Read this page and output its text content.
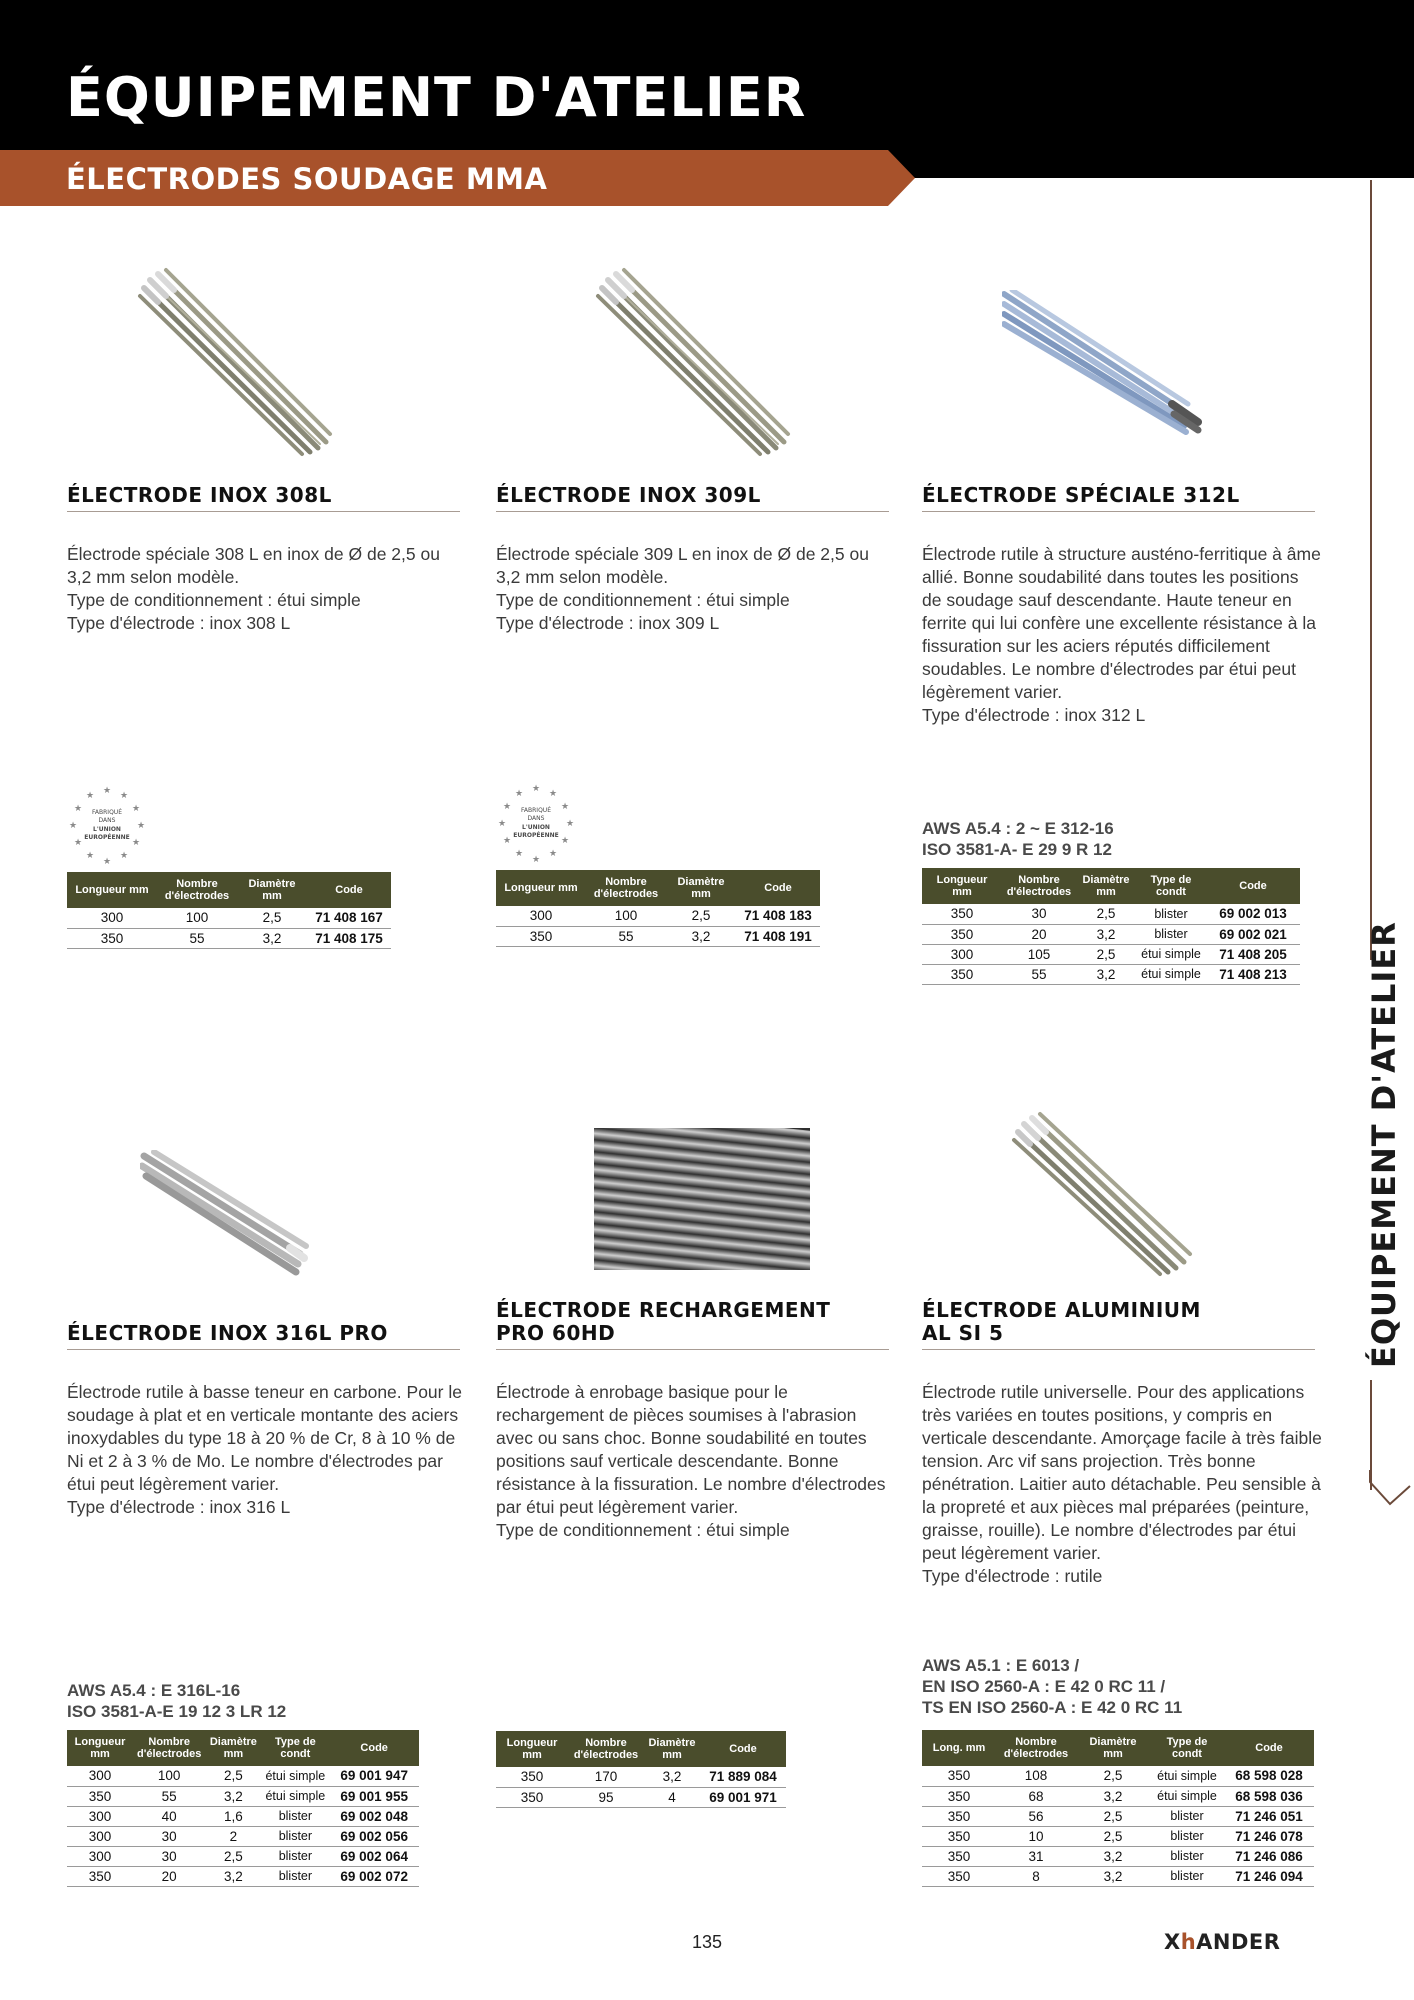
ÉQUIPEMENT D'ATELIER
ÉLECTRODES SOUDAGE MMA
ÉQUIPEMENT D'ATELIER
ÉLECTRODE INOX 308L

Électrode spéciale 308 L en inox de Ø de 2,5 ou 3,2 mm selon modèle.

Type de conditionnement : étui simple

Type d'électrode : inox 308 L

★ ★
★
★
★
★
★
★
★
★
★
★
FABRIQUÉ
DANS
L'UNION
EUROPÉENNE
Longueur mm	Nombre d'électrodes	Diamètre mm	Code
300	100	2,5	71 408 167
350	55	3,2	71 408 175
ÉLECTRODE INOX 309L

Électrode spéciale 309 L en inox de Ø de 2,5 ou 3,2 mm selon modèle.

Type de conditionnement : étui simple

Type d'électrode : inox 309 L

★ ★
★
★
★
★
★
★
★
★
★
★
FABRIQUÉ
DANS
L'UNION
EUROPÉENNE
Longueur mm	Nombre d'électrodes	Diamètre mm	Code
300	100	2,5	71 408 183
350	55	3,2	71 408 191
ÉLECTRODE SPÉCIALE 312L

Électrode rutile à structure austéno-ferritique à âme allié. Bonne soudabilité dans toutes les positions de soudage sauf descendante. Haute teneur en ferrite qui lui confère une excellente résistance à la fissuration sur les aciers réputés difficilement soudables. Le nombre d'électrodes par étui peut légèrement varier.

Type d'électrode : inox 312 L

AWS A5.4 : 2 ~ E 312-16
ISO 3581-A- E 29 9 R 12
Longueur mm	Nombre d'électrodes	Diamètre mm	Type de condt	Code
350	30	2,5	blister	69 002 013
350	20	3,2	blister	69 002 021
300	105	2,5	étui simple	71 408 205
350	55	3,2	étui simple	71 408 213
ÉLECTRODE INOX 316L PRO

Électrode rutile à basse teneur en carbone. Pour le soudage à plat et en verticale montante des aciers inoxydables du type 18 à 20 % de Cr, 8 à 10 % de Ni et 2 à 3 % de Mo. Le nombre d'électrodes par étui peut légèrement varier.

Type d'électrode : inox 316 L

AWS A5.4 : E 316L-16
ISO 3581-A-E 19 12 3 LR 12
Longueur mm	Nombre d'électrodes	Diamètre mm	Type de condt	Code
300	100	2,5	étui simple	69 001 947
350	55	3,2	étui simple	69 001 955
300	40	1,6	blister	69 002 048
300	30	2	blister	69 002 056
300	30	2,5	blister	69 002 064
350	20	3,2	blister	69 002 072
ÉLECTRODE RECHARGEMENT
PRO 60HD

Électrode à enrobage basique pour le rechargement de pièces soumises à l'abrasion avec ou sans choc. Bonne soudabilité en toutes positions sauf verticale descendante. Bonne résistance à la fissuration. Le nombre d'électrodes par étui peut légèrement varier.

Type de conditionnement : étui simple

Longueur mm	Nombre d'électrodes	Diamètre mm	Code
350	170	3,2	71 889 084
350	95	4	69 001 971
ÉLECTRODE ALUMINIUM
AL SI 5

Électrode rutile universelle. Pour des applications très variées en toutes positions, y compris en verticale descendante. Amorçage facile à très faible tension. Arc vif sans projection. Très bonne pénétration. Laitier auto détachable. Peu sensible à la propreté et aux pièces mal préparées (peinture, graisse, rouille). Le nombre d'électrodes par étui peut légèrement varier.

Type d'électrode : rutile

AWS A5.1 : E 6013 /
EN ISO 2560-A : E 42 0 RC 11 /
TS EN ISO 2560-A : E 42 0 RC 11
Long. mm	Nombre d'électrodes	Diamètre mm	Type de condt	Code
350	108	2,5	étui simple	68 598 028
350	68	3,2	étui simple	68 598 036
350	56	2,5	blister	71 246 051
350	10	2,5	blister	71 246 078
350	31	3,2	blister	71 246 086
350	8	3,2	blister	71 246 094
135	XhANDER
